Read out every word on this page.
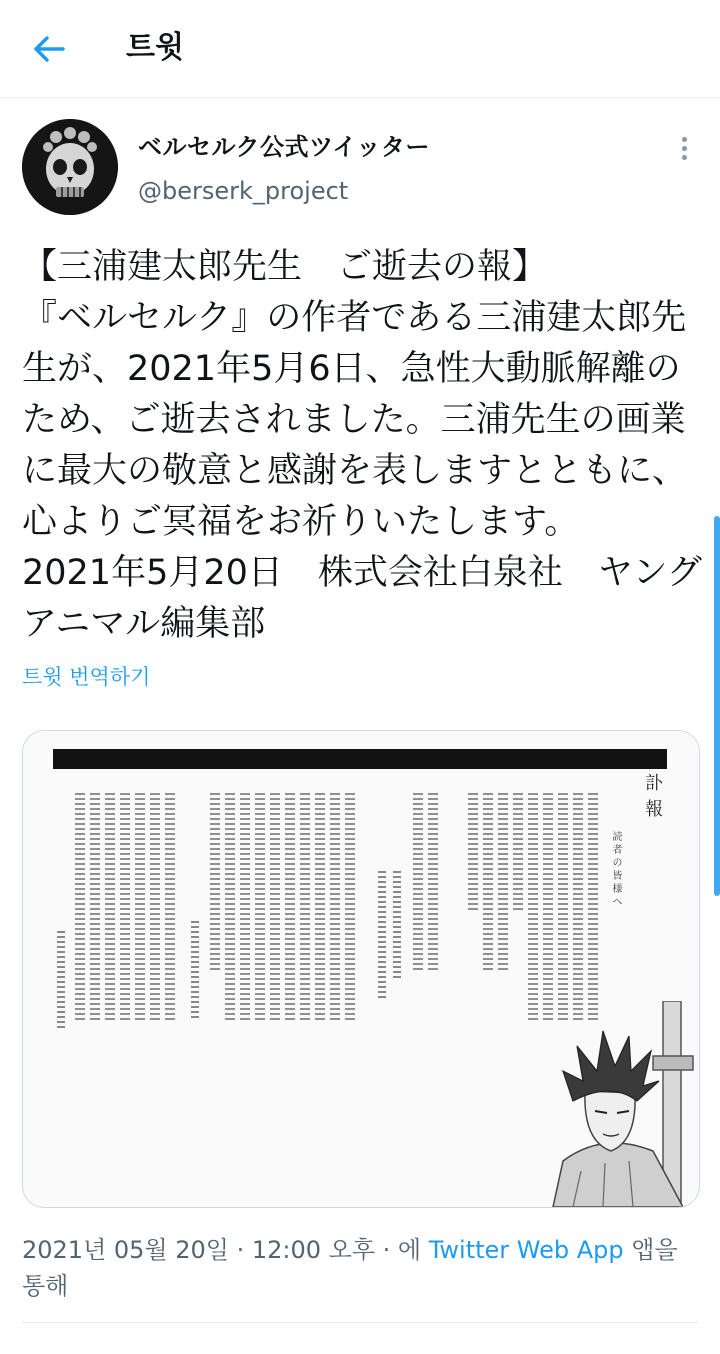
트윗
ベルセルク公式ツイッター
@berserk_project

【三浦建太郎先生　ご逝去の報】
『ベルセルク』の作者である三浦建太郎先生が、2021年5月6日、急性大動脈解離のため、ご逝去されました。三浦先生の画業に最大の敬意と感謝を表しますとともに、心よりご冥福をお祈りいたします。
2021年5月20日　株式会社白泉社　ヤングアニマル編集部

트윗 번역하기
訃報
読者の皆様へ
2021년 05월 20일 · 12:00 오후 · 에 Twitter Web App 앱을 통해
